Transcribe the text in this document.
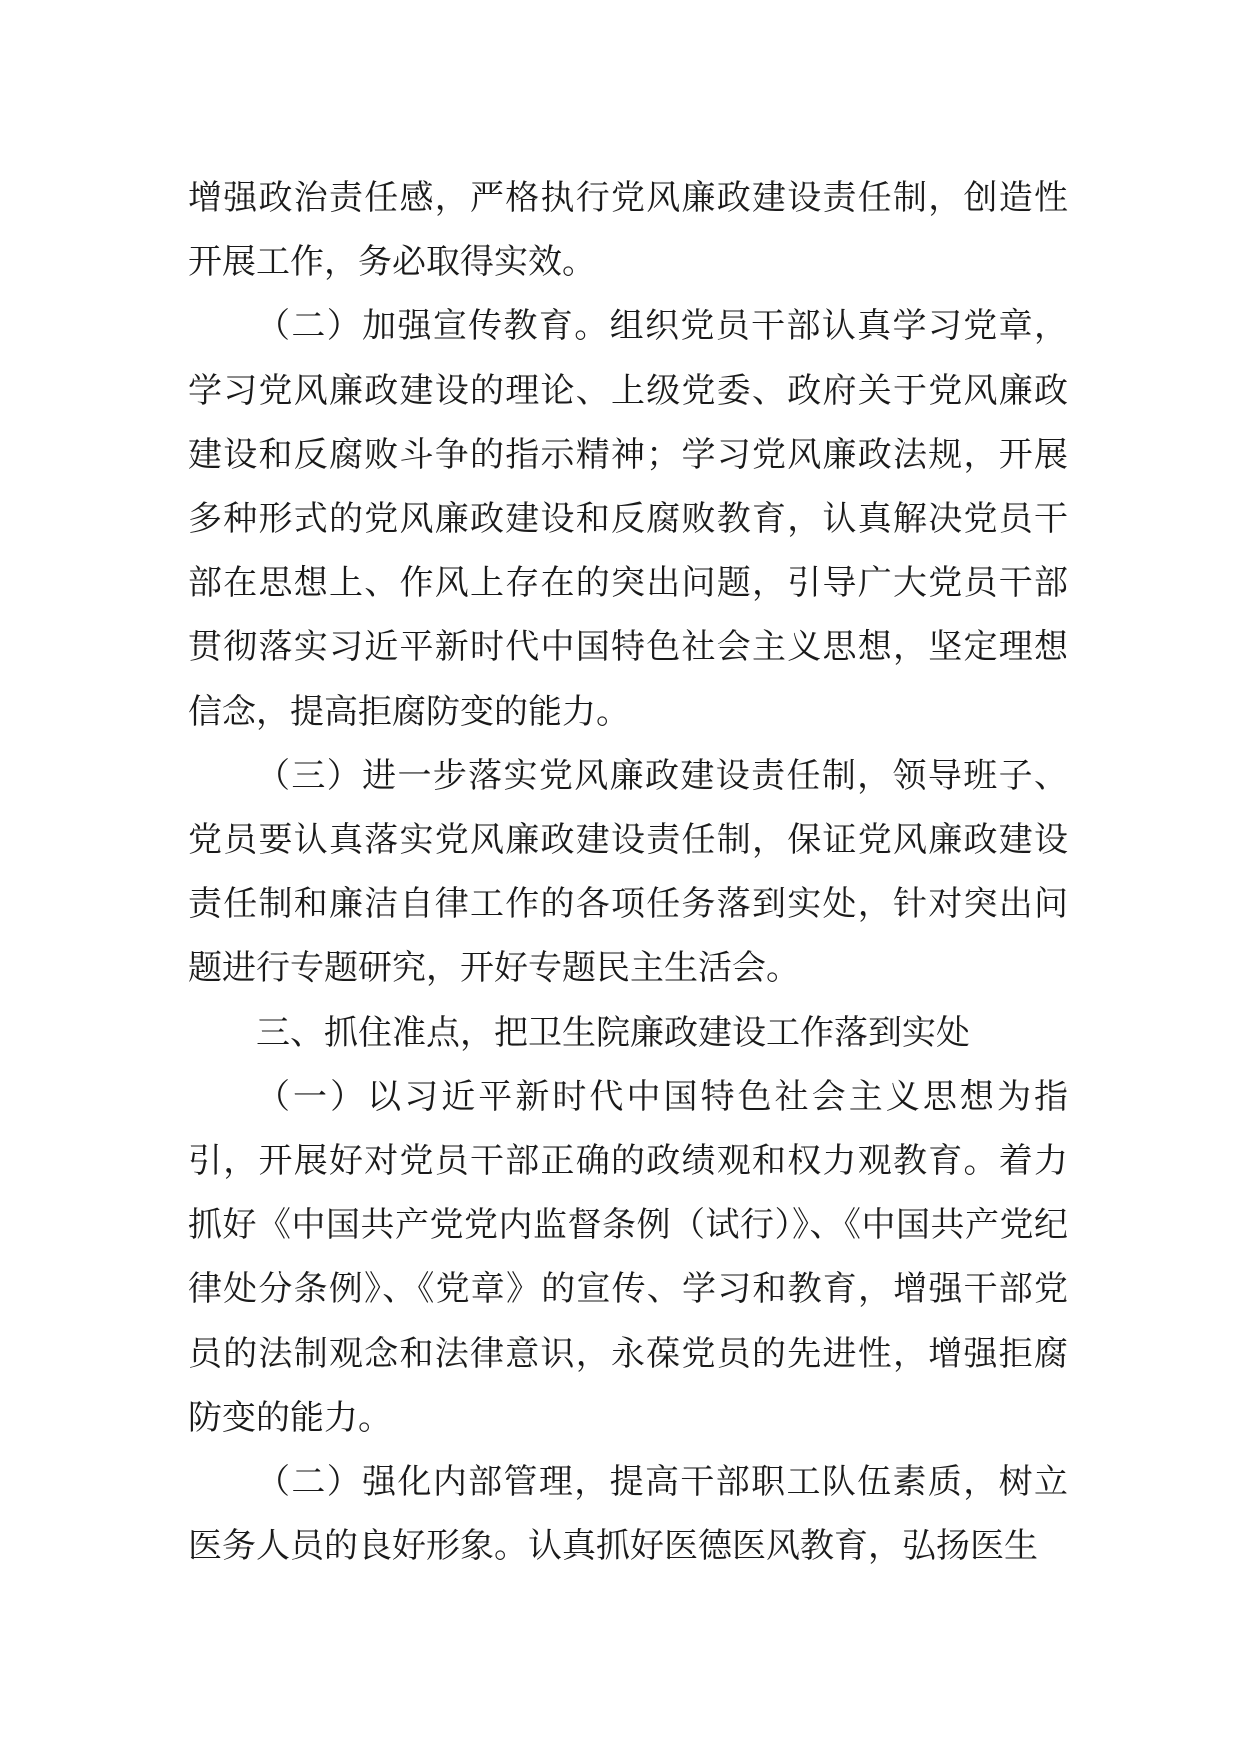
增强政治责任感，严格执行党风廉政建设责任制，创造性开展工作，务必取得实效。

（二）加强宣传教育。组织党员干部认真学习党章，学习党风廉政建设的理论、上级党委、政府关于党风廉政建设和反腐败斗争的指示精神；学习党风廉政法规，开展多种形式的党风廉政建设和反腐败教育，认真解决党员干部在思想上、作风上存在的突出问题，引导广大党员干部贯彻落实习近平新时代中国特色社会主义思想，坚定理想信念，提高拒腐防变的能力。

（三）进一步落实党风廉政建设责任制，领导班子、党员要认真落实党风廉政建设责任制，保证党风廉政建设责任制和廉洁自律工作的各项任务落到实处，针对突出问题进行专题研究，开好专题民主生活会。

三、抓住准点，把卫生院廉政建设工作落到实处

（一）以习近平新时代中国特色社会主义思想为指引，开展好对党员干部正确的政绩观和权力观教育。着力抓好《中国共产党党内监督条例（试行）》、《中国共产党纪律处分条例》、《党章》的宣传、学习和教育，增强干部党员的法制观念和法律意识，永葆党员的先进性，增强拒腐防变的能力。

（二）强化内部管理，提高干部职工队伍素质，树立医务人员的良好形象。认真抓好医德医风教育，弘扬医生
